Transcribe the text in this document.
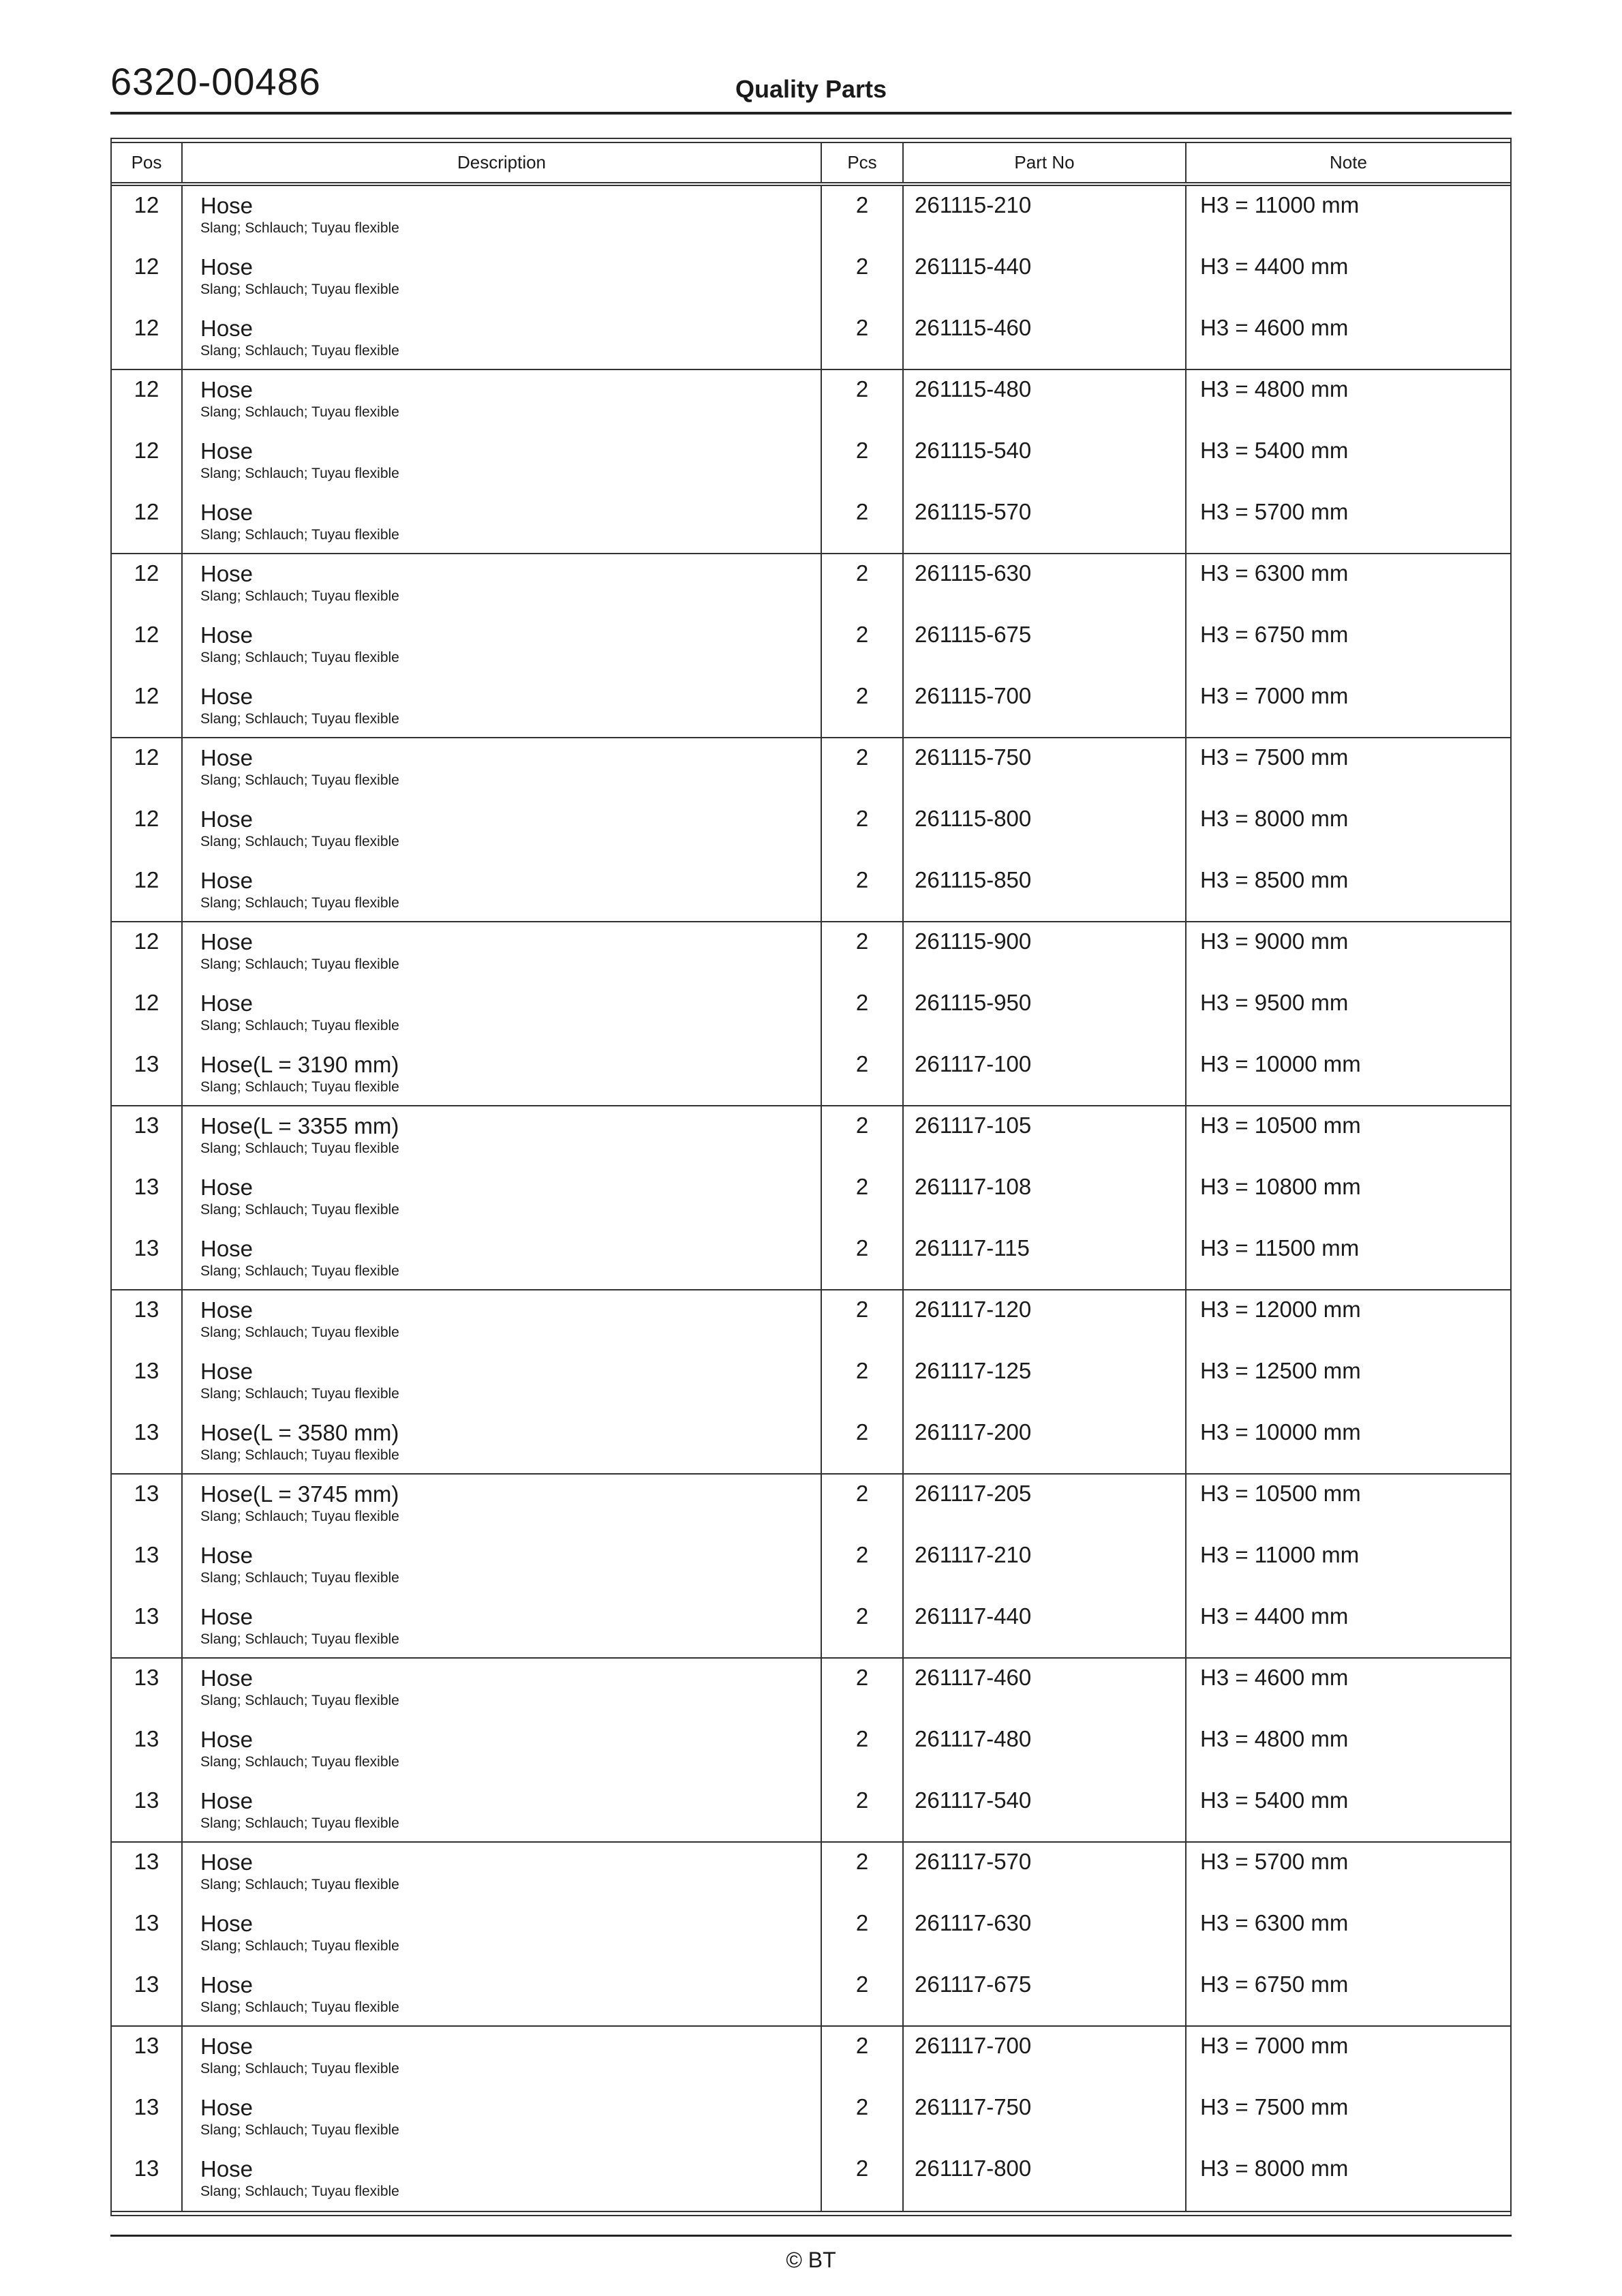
6320-00486	Quality Parts
Pos	Description	Pcs	Part No	Note
12	Hose
Slang; Schlauch; Tuyau flexible
2	261115-210	H3 = 11000 mm
12	Hose
Slang; Schlauch; Tuyau flexible
2	261115-440	H3 = 4400 mm
12	Hose
Slang; Schlauch; Tuyau flexible
2	261115-460	H3 = 4600 mm
12	Hose
Slang; Schlauch; Tuyau flexible
2	261115-480	H3 = 4800 mm
12	Hose
Slang; Schlauch; Tuyau flexible
2	261115-540	H3 = 5400 mm
12	Hose
Slang; Schlauch; Tuyau flexible
2	261115-570	H3 = 5700 mm
12	Hose
Slang; Schlauch; Tuyau flexible
2	261115-630	H3 = 6300 mm
12	Hose
Slang; Schlauch; Tuyau flexible
2	261115-675	H3 = 6750 mm
12	Hose
Slang; Schlauch; Tuyau flexible
2	261115-700	H3 = 7000 mm
12	Hose
Slang; Schlauch; Tuyau flexible
2	261115-750	H3 = 7500 mm
12	Hose
Slang; Schlauch; Tuyau flexible
2	261115-800	H3 = 8000 mm
12	Hose
Slang; Schlauch; Tuyau flexible
2	261115-850	H3 = 8500 mm
12	Hose
Slang; Schlauch; Tuyau flexible
2	261115-900	H3 = 9000 mm
12	Hose
Slang; Schlauch; Tuyau flexible
2	261115-950	H3 = 9500 mm
13	Hose(L = 3190 mm)
Slang; Schlauch; Tuyau flexible
2	261117-100	H3 = 10000 mm
13	Hose(L = 3355 mm)
Slang; Schlauch; Tuyau flexible
2	261117-105	H3 = 10500 mm
13	Hose
Slang; Schlauch; Tuyau flexible
2	261117-108	H3 = 10800 mm
13	Hose
Slang; Schlauch; Tuyau flexible
2	261117-115	H3 = 11500 mm
13	Hose
Slang; Schlauch; Tuyau flexible
2	261117-120	H3 = 12000 mm
13	Hose
Slang; Schlauch; Tuyau flexible
2	261117-125	H3 = 12500 mm
13	Hose(L = 3580 mm)
Slang; Schlauch; Tuyau flexible
2	261117-200	H3 = 10000 mm
13	Hose(L = 3745 mm)
Slang; Schlauch; Tuyau flexible
2	261117-205	H3 = 10500 mm
13	Hose
Slang; Schlauch; Tuyau flexible
2	261117-210	H3 = 11000 mm
13	Hose
Slang; Schlauch; Tuyau flexible
2	261117-440	H3 = 4400 mm
13	Hose
Slang; Schlauch; Tuyau flexible
2	261117-460	H3 = 4600 mm
13	Hose
Slang; Schlauch; Tuyau flexible
2	261117-480	H3 = 4800 mm
13	Hose
Slang; Schlauch; Tuyau flexible
2	261117-540	H3 = 5400 mm
13	Hose
Slang; Schlauch; Tuyau flexible
2	261117-570	H3 = 5700 mm
13	Hose
Slang; Schlauch; Tuyau flexible
2	261117-630	H3 = 6300 mm
13	Hose
Slang; Schlauch; Tuyau flexible
2	261117-675	H3 = 6750 mm
13	Hose
Slang; Schlauch; Tuyau flexible
2	261117-700	H3 = 7000 mm
13	Hose
Slang; Schlauch; Tuyau flexible
2	261117-750	H3 = 7500 mm
13	Hose
Slang; Schlauch; Tuyau flexible
2	261117-800	H3 = 8000 mm
© BT
